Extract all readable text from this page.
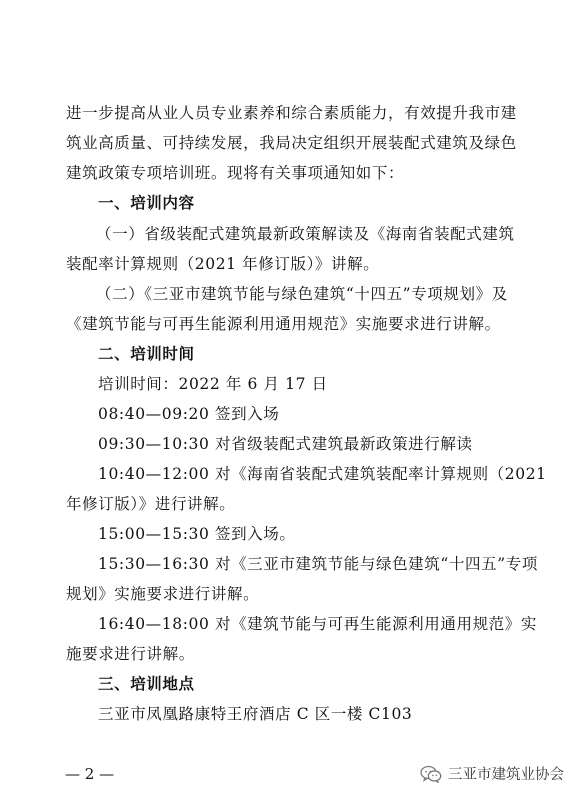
进一步提高从业人员专业素养和综合素质能力，有效提升我市建
筑业高质量、可持续发展，我局决定组织开展装配式建筑及绿色
建筑政策专项培训班。现将有关事项通知如下：
一、培训内容
（一）省级装配式建筑最新政策解读及《海南省装配式建筑
装配率计算规则（2021 年修订版）》讲解。
（二）《三亚市建筑节能与绿色建筑“十四五”专项规划》及
《建筑节能与可再生能源利用通用规范》实施要求进行讲解。
二、培训时间
培训时间：2022 年 6 月 17 日
08:40—09:20 签到入场
09:30—10:30 对省级装配式建筑最新政策进行解读
10:40—12:00 对《海南省装配式建筑装配率计算规则（2021
年修订版）》进行讲解。
15:00—15:30 签到入场。
15:30—16:30 对《三亚市建筑节能与绿色建筑“十四五”专项
规划》实施要求进行讲解。
16:40—18:00 对《建筑节能与可再生能源利用通用规范》实
施要求进行讲解。
三、培训地点
三亚市凤凰路康特王府酒店 C 区一楼 C103
— 2 —	三亚市建筑业协会
